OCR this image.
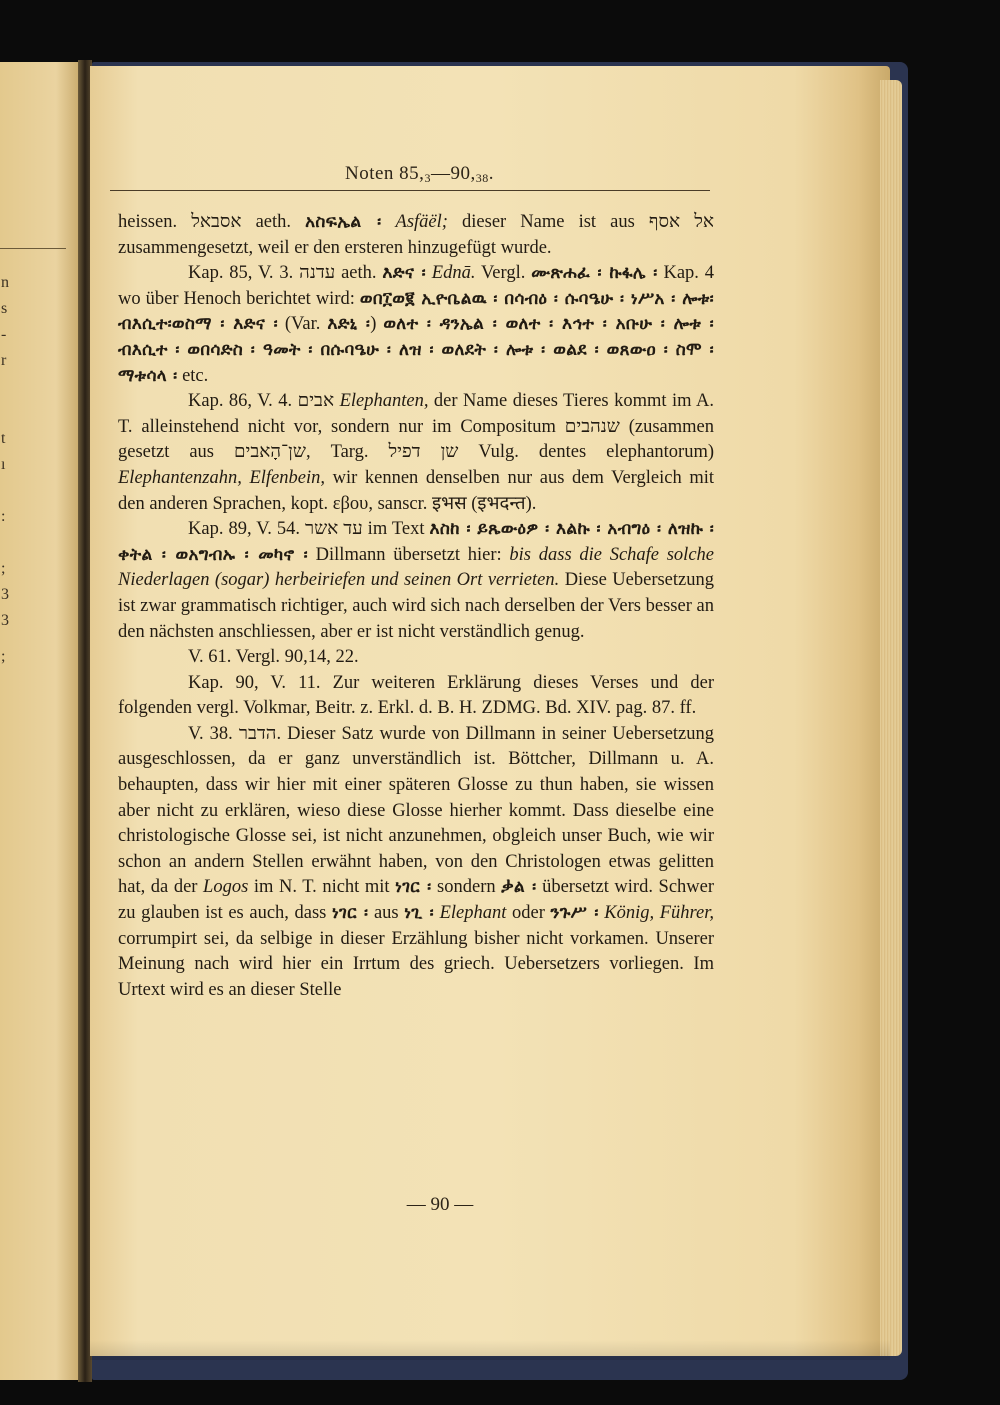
n
s
-
r
t
ı
:
;
3
3
;
Noten $85,_3—90,_{38}$.

heissen. אסבאל aeth. አስፍኤል ፡ Asfäël; dieser Name ist aus אל אסף zusammengesetzt, weil er den ersteren hinzugefügt wurde.

Kap. 85, V. 3. עדנה aeth. እድና ፡ Ednā. Vergl. ሙጽሐፈ ፡ ኩፋሌ ፡ Kap. 4 wo über Henoch berichtet wird: ወበ፲ወ፪ ኢዮቤልዉ ፡ በሳብዕ ፡ ሱባዔሁ ፡ ነሥአ ፡ ሎቱ፡ብእሲተ፡ወስማ ፡ እድና ፡ (Var. እድኒ ፡) ወለተ ፡ ዳንኤል ፡ ወለተ ፡ እኅተ ፡ አቡሁ ፡ ሎቱ ፡ ብእሲተ ፡ ወበሳድስ ፡ ዓመት ፡ በሱባዔሁ ፡ ለዝ ፡ ወለደት ፡ ሎቱ ፡ ወልደ ፡ ወጸውዐ ፡ ስሞ ፡ ማቱሳላ ፡ etc.

Kap. 86, V. 4. אבים Elephanten, der Name dieses Tieres kommt im A. T. alleinstehend nicht vor, sondern nur im Compositum שנהבים (zusammen gesetzt aus שן־הָאבים, Targ. שן דפיל Vulg. dentes elephantorum) Elephantenzahn, Elfenbein, wir kennen denselben nur aus dem Vergleich mit den anderen Sprachen, kopt. εβoυ, sanscr. इभस (इभदन्त).

Kap. 89, V. 54. עד אשר im Text እስከ ፡ ይጼውዕዎ ፡ እልኩ ፡ አብግዕ ፡ ለዝኩ ፡ ቀትል ፡ ወአግብኡ ፡ መካኖ ፡ Dillmann übersetzt hier: bis dass die Schafe solche Niederlagen (sogar) herbeiriefen und seinen Ort verrieten. Diese Uebersetzung ist zwar grammatisch richtiger, auch wird sich nach derselben der Vers besser an den nächsten anschliessen, aber er ist nicht verständlich genug.

V. 61. Vergl. 90,14, 22.

Kap. 90, V. 11. Zur weiteren Erklärung dieses Verses und der folgenden vergl. Volkmar, Beitr. z. Erkl. d. B. H. ZDMG. Bd. XIV. pag. 87. ff.

V. 38. הדבר. Dieser Satz wurde von Dillmann in seiner Uebersetzung ausgeschlossen, da er ganz unverständlich ist. Böttcher, Dillmann u. A. behaupten, dass wir hier mit einer späteren Glosse zu thun haben, sie wissen aber nicht zu erklären, wieso diese Glosse hierher kommt. Dass dieselbe eine christologische Glosse sei, ist nicht anzunehmen, obgleich unser Buch, wie wir schon an andern Stellen erwähnt haben, von den Christologen etwas gelitten hat, da der Logos im N. T. nicht mit ነገር ፡ sondern ቃል ፡ übersetzt wird. Schwer zu glauben ist es auch, dass ነገር ፡ aus ነጊ ፡ Elephant oder ንጉሥ ፡ König, Führer, corrumpirt sei, da selbige in dieser Erzählung bisher nicht vorkamen. Unserer Meinung nach wird hier ein Irrtum des griech. Uebersetzers vorliegen. Im Urtext wird es an dieser Stelle

— 90 —
